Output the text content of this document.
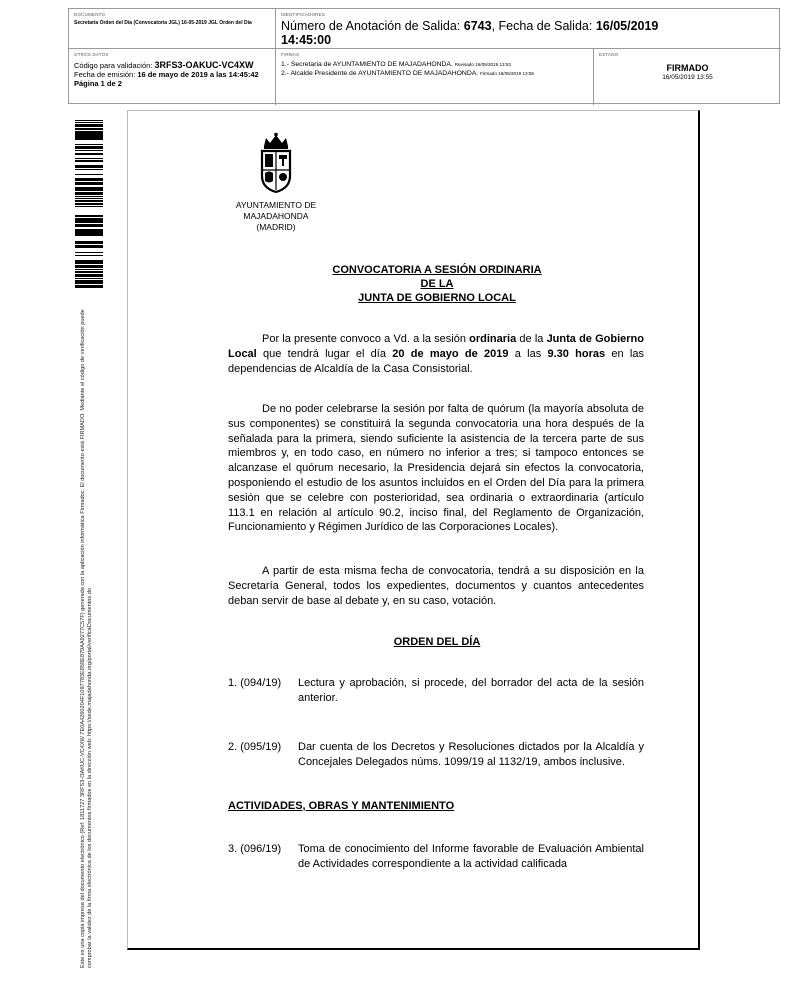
DOCUMENTO
Secretaría Orden del Día (Convocatoria JGL) 16-05-2019 JGL Orden del Día
IDENTIFICADORES
Número de Anotación de Salida: 6743, Fecha de Salida: 16/05/2019
14:45:00
OTROS DATOS
Código para validación: 3RFS3-OAKUC-VC4XW
Fecha de emisión: 16 de mayo de 2019 a las 14:45:42
Página 1 de 2
FIRMAS
1.- Secretaria de AYUNTAMIENTO DE MAJADAHONDA. Revisado 16/05/2019 13:53
2.- Alcalde Presidente de AYUNTAMIENTO DE MAJADAHONDA. Firmado 16/05/2019 13:55
ESTADO
FIRMADO
16/05/2019 13:55
Este es una copia impresa del documento electrónico (Ref: 1811727 3RFS3-OAKUC-VC4XW 7E0A4260204F1097783E858E879AA9277C57F) generada con la aplicación informática Firmadoc. El documento está FIRMADO. Mediante el código de verificación puede comprobar la validez de la firma electrónica de los documentos firmados en la dirección web: https://sede.majadahonda.org/portal/verificaDocumentos.do
AYUNTAMIENTO DE
MAJADAHONDA
(MADRID)
CONVOCATORIA A SESIÓN ORDINARIA
DE LA
JUNTA DE GOBIERNO LOCAL
Por la presente convoco a Vd. a la sesión ordinaria de la Junta de Gobierno Local que tendrá lugar el día 20 de mayo de 2019 a las 9.30 horas en las dependencias de Alcaldía de la Casa Consistorial.
De no poder celebrarse la sesión por falta de quórum (la mayoría absoluta de sus componentes) se constituirá la segunda convocatoria una hora después de la señalada para la primera, siendo suficiente la asistencia de la tercera parte de sus miembros y, en todo caso, en número no inferior a tres; si tampoco entonces se alcanzase el quórum necesario, la Presidencia dejará sin efectos la convocatoria, posponiendo el estudio de los asuntos incluidos en el Orden del Día para la primera sesión que se celebre con posterioridad, sea ordinaria o extraordinaria (artículo 113.1 en relación al artículo 90.2, inciso final, del Reglamento de Organización, Funcionamiento y Régimen Jurídico de las Corporaciones Locales).
A partir de esta misma fecha de convocatoria, tendrá a su disposición en la Secretaría General, todos los expedientes, documentos y cuantos antecedentes deban servir de base al debate y, en su caso, votación.
ORDEN DEL DÍA
1. (094/19)	Lectura y aprobación, si procede, del borrador del acta de la sesión anterior.
2. (095/19)	Dar cuenta de los Decretos y Resoluciones dictados por la Alcaldía y Concejales Delegados núms. 1099/19 al 1132/19, ambos inclusive.
ACTIVIDADES, OBRAS Y MANTENIMIENTO
3. (096/19)	Toma de conocimiento del Informe favorable de Evaluación Ambiental de Actividades correspondiente a la actividad calificada
